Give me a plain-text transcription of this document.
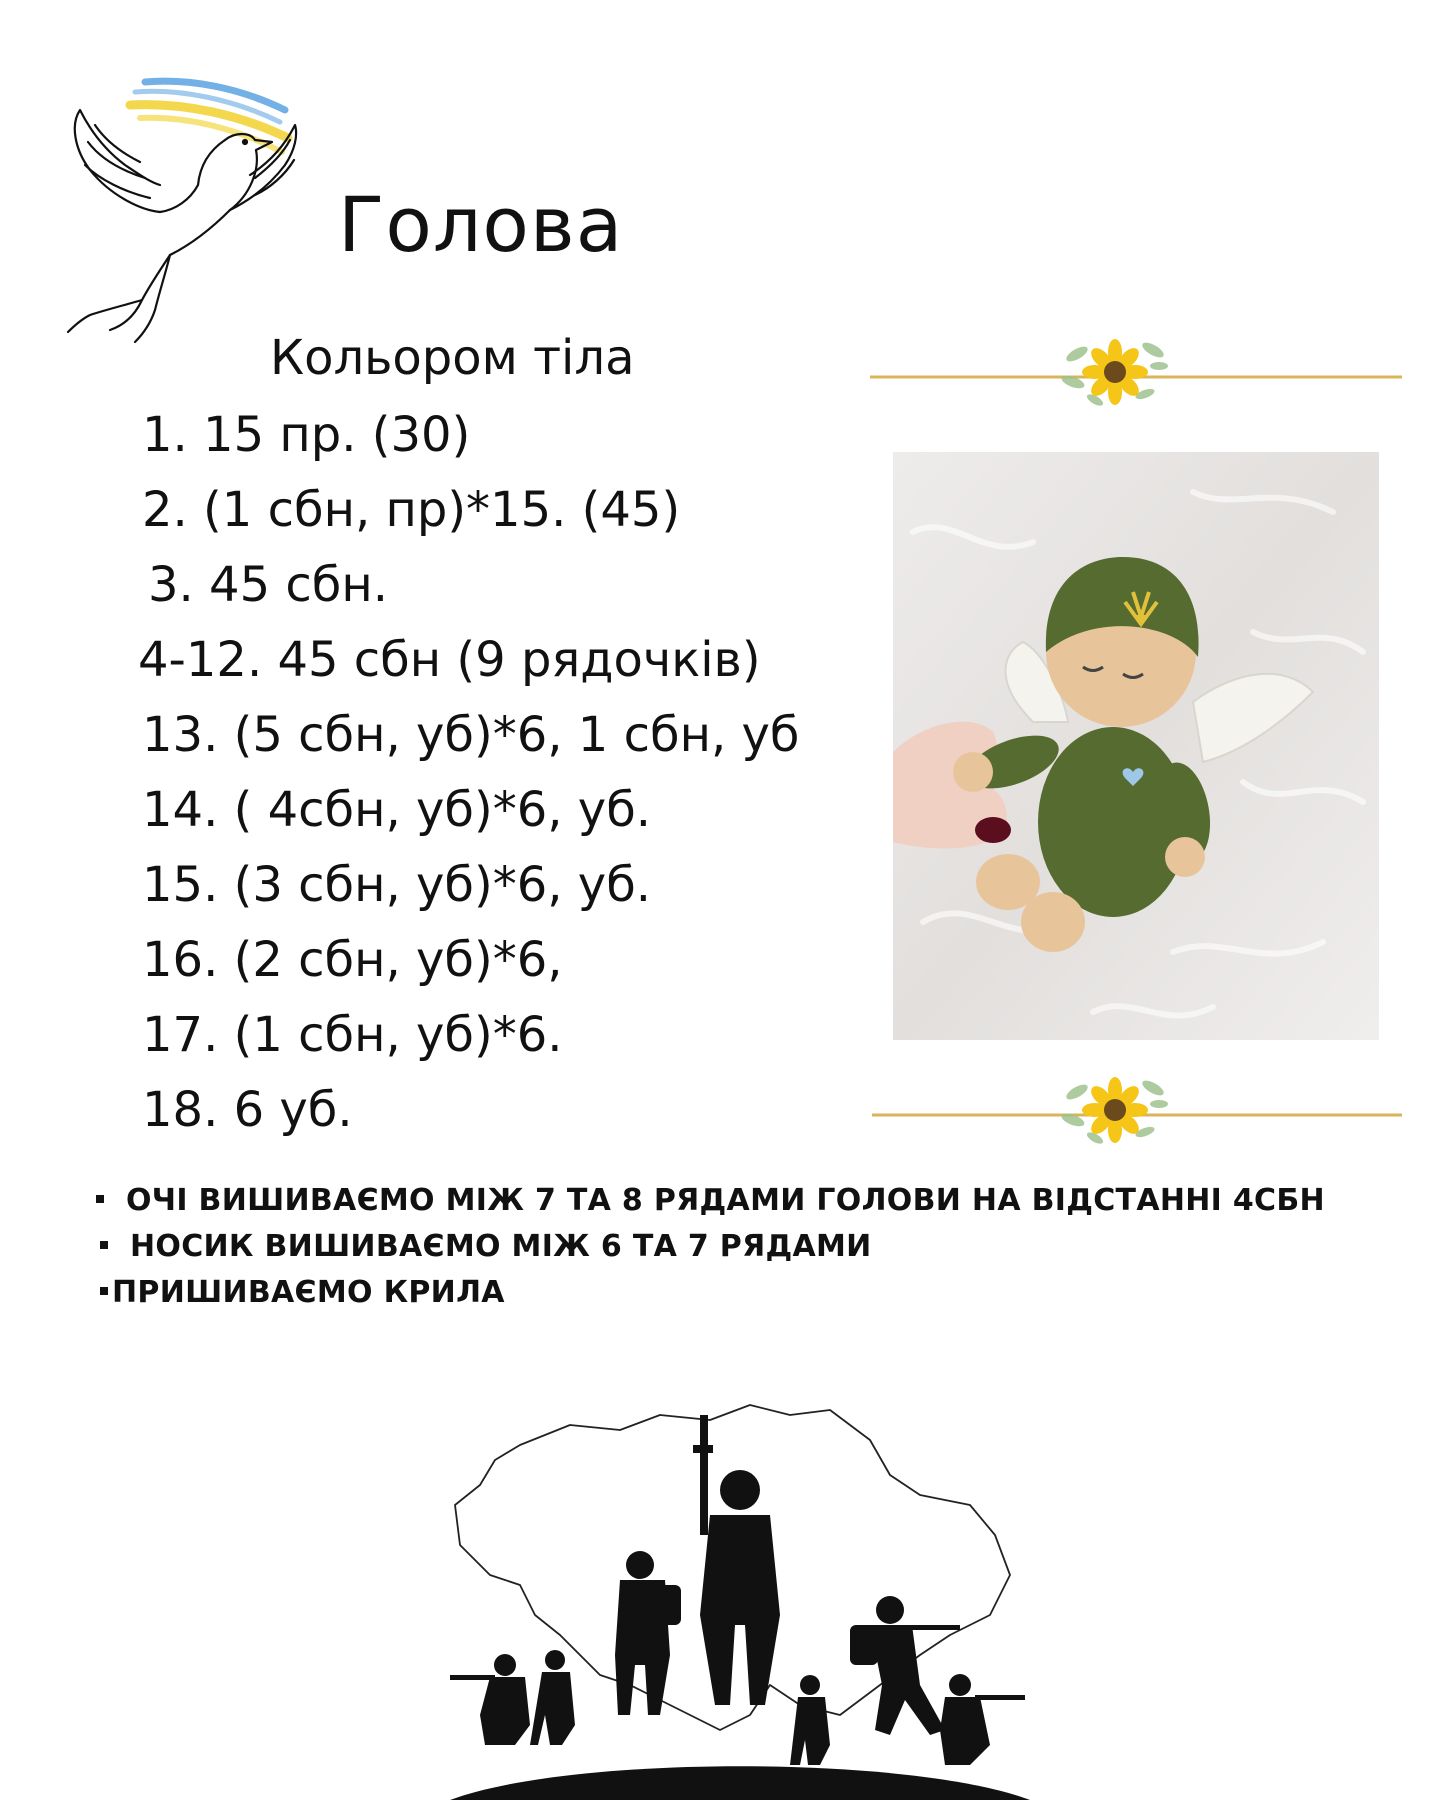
Голова
Кольором тіла
1. 15 пр. (30)
2. (1 сбн, пр)*15. (45)
3. 45 сбн.
4-12. 45 сбн (9 рядочків)
13. (5 сбн, уб)*6, 1 сбн, уб
14. ( 4сбн, уб)*6, уб.
15. (3 сбн, уб)*6, уб.
16. (2 сбн, уб)*6,
17. (1 сбн, уб)*6.
18. 6 уб.
ОЧІ ВИШИВАЄМО МІЖ 7 ТА 8 РЯДАМИ ГОЛОВИ НА ВІДСТАННІ 4СБН
НОСИК ВИШИВАЄМО МІЖ 6 ТА 7 РЯДАМИ
ПРИШИВАЄМО КРИЛА
